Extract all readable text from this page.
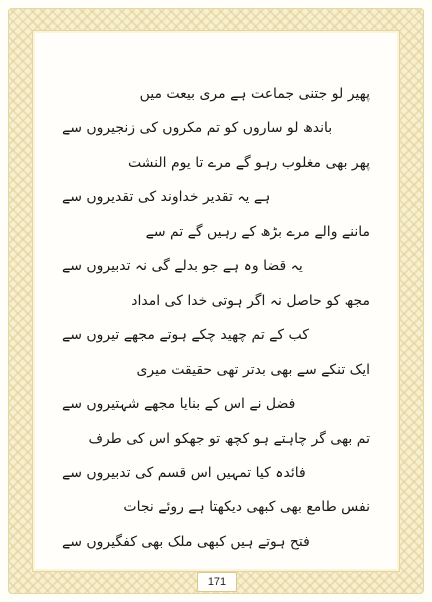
پھیر لو جتنی جماعت ہے مری بیعت میں
باندھ لو ساروں کو تم مکروں کی زنجیروں سے
پھر بھی مغلوب رہو گے مرے تا یوم النشت
ہے یہ تقدیر خداوند کی تقدیروں سے
ماننے والے مرے بڑھ کے رہیں گے تم سے
یہ قضا وہ ہے جو بدلے گی نہ تدبیروں سے
مجھ کو حاصل نہ اگر ہوتی خدا کی امداد
کب کے تم چھید چکے ہوتے مجھے تیروں سے
ایک تنکے سے بھی بدتر تھی حقیقت میری
فضل نے اس کے بنایا مجھے شہتیروں سے
تم بھی گر چاہتے ہو کچھ تو جھکو اس کی طرف
فائدہ کیا تمہیں اس قسم کی تدبیروں سے
نفس طامع بھی کبھی دیکھتا ہے روئے نجات
فتح ہوتے ہیں کبھی ملک بھی کفگیروں سے
171
